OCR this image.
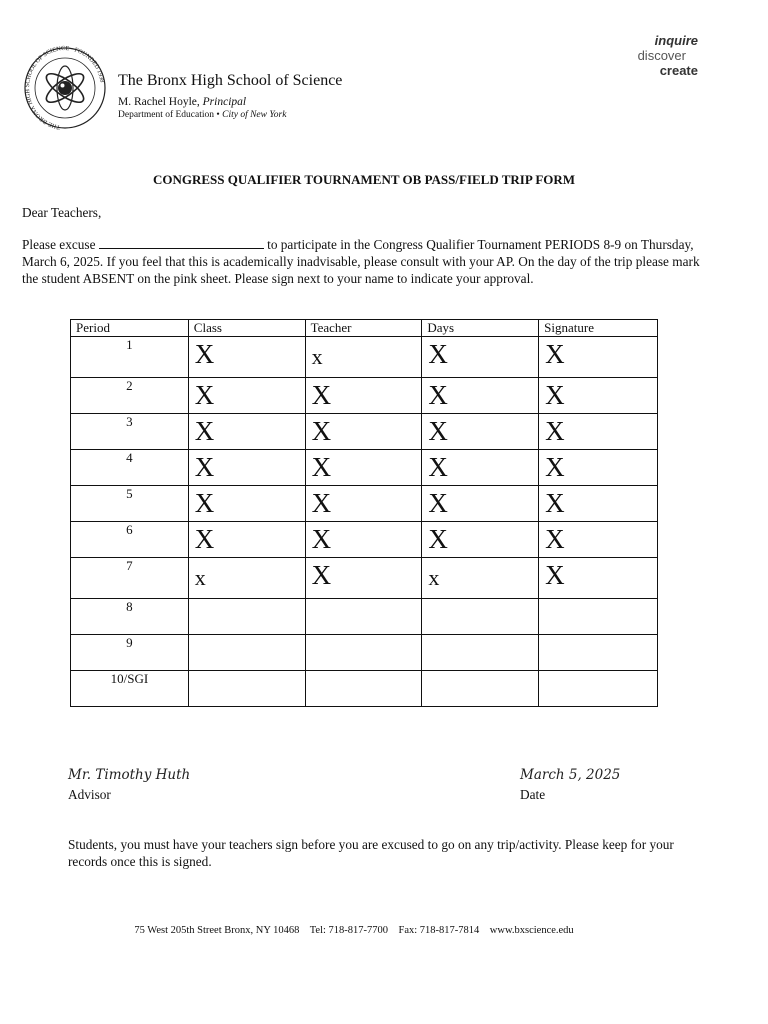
THE BRONX HIGH SCHOOL OF SCIENCE · FOUNDED 1938 The Bronx High School of Science
M. Rachel Hoyle, Principal
Department of Education • City of New York
inquire
discover
create
CONGRESS QUALIFIER TOURNAMENT OB PASS/FIELD TRIP FORM
Dear Teachers,
Please excuse	to participate in the Congress Qualifier Tournament PERIODS 8-9 on Thursday, March 6, 2025. If you feel that this is academically inadvisable, please consult with your AP. On the day of the trip please mark the student ABSENT on the pink sheet. Please sign next to your name to indicate your approval.
Period	Class	Teacher	Days	Signature
1	X	x	X	X
2	X	X	X	X
3	X	X	X	X
4	X	X	X	X
5	X	X	X	X
6	X	X	X	X
7	x	X	x	X
8				
9				
10/SGI				
Mr. Timothy Huth	March 5, 2025
Advisor	Date
Students, you must have your teachers sign before you are excused to go on any trip/activity. Please keep for your records once this is signed.
75 West 205th Street Bronx, NY 10468    Tel: 718-817-7700    Fax: 718-817-7814    www.bxscience.edu
